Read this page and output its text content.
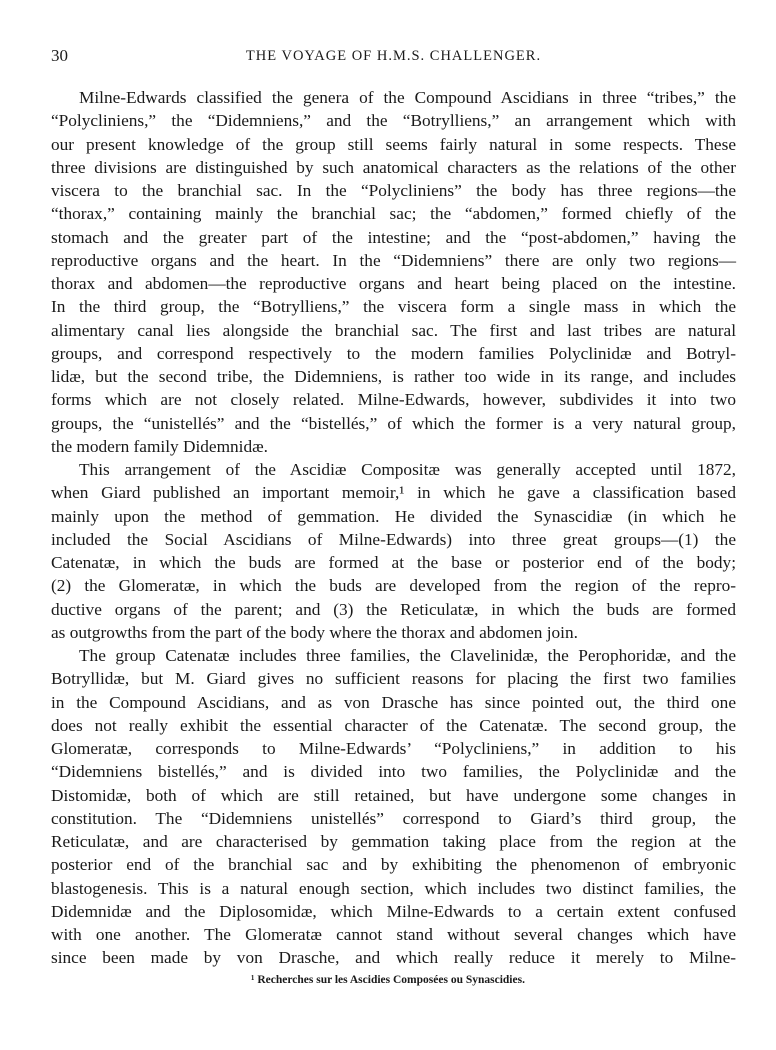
30	THE VOYAGE OF H.M.S. CHALLENGER.
Milne-Edwards classified the genera of the Compound Ascidians in three “tribes,” the
“Polycliniens,” the “Didemniens,” and the “Botrylliens,” an arrangement which with
our present knowledge of the group still seems fairly natural in some respects. These
three divisions are distinguished by such anatomical characters as the relations of the other
viscera to the branchial sac. In the “Polycliniens” the body has three regions—the
“thorax,” containing mainly the branchial sac; the “abdomen,” formed chiefly of the
stomach and the greater part of the intestine; and the “post-abdomen,” having the
reproductive organs and the heart. In the “Didemniens” there are only two regions—
thorax and abdomen—the reproductive organs and heart being placed on the intestine.
In the third group, the “Botrylliens,” the viscera form a single mass in which the
alimentary canal lies alongside the branchial sac. The first and last tribes are natural
groups, and correspond respectively to the modern families Polyclinidæ and Botryl-
lidæ, but the second tribe, the Didemniens, is rather too wide in its range, and includes
forms which are not closely related. Milne-Edwards, however, subdivides it into two
groups, the “unistellés” and the “bistellés,” of which the former is a very natural group,
the modern family Didemnidæ.
This arrangement of the Ascidiæ Compositæ was generally accepted until 1872,
when Giard published an important memoir,¹ in which he gave a classification based
mainly upon the method of gemmation. He divided the Synascidiæ (in which he
included the Social Ascidians of Milne-Edwards) into three great groups—(1) the
Catenatæ, in which the buds are formed at the base or posterior end of the body;
(2) the Glomeratæ, in which the buds are developed from the region of the repro-
ductive organs of the parent; and (3) the Reticulatæ, in which the buds are formed
as outgrowths from the part of the body where the thorax and abdomen join.
The group Catenatæ includes three families, the Clavelinidæ, the Perophoridæ, and the
Botryllidæ, but M. Giard gives no sufficient reasons for placing the first two families
in the Compound Ascidians, and as von Drasche has since pointed out, the third one
does not really exhibit the essential character of the Catenatæ. The second group, the
Glomeratæ, corresponds to Milne-Edwards’ “Polycliniens,” in addition to his
“Didemniens bistellés,” and is divided into two families, the Polyclinidæ and the
Distomidæ, both of which are still retained, but have undergone some changes in
constitution. The “Didemniens unistellés” correspond to Giard’s third group, the
Reticulatæ, and are characterised by gemmation taking place from the region at the
posterior end of the branchial sac and by exhibiting the phenomenon of embryonic
blastogenesis. This is a natural enough section, which includes two distinct families, the
Didemnidæ and the Diplosomidæ, which Milne-Edwards to a certain extent confused
with one another. The Glomeratæ cannot stand without several changes which have
since been made by von Drasche, and which really reduce it merely to Milne-
¹ Recherches sur les Ascidies Composées ou Synascidies.
